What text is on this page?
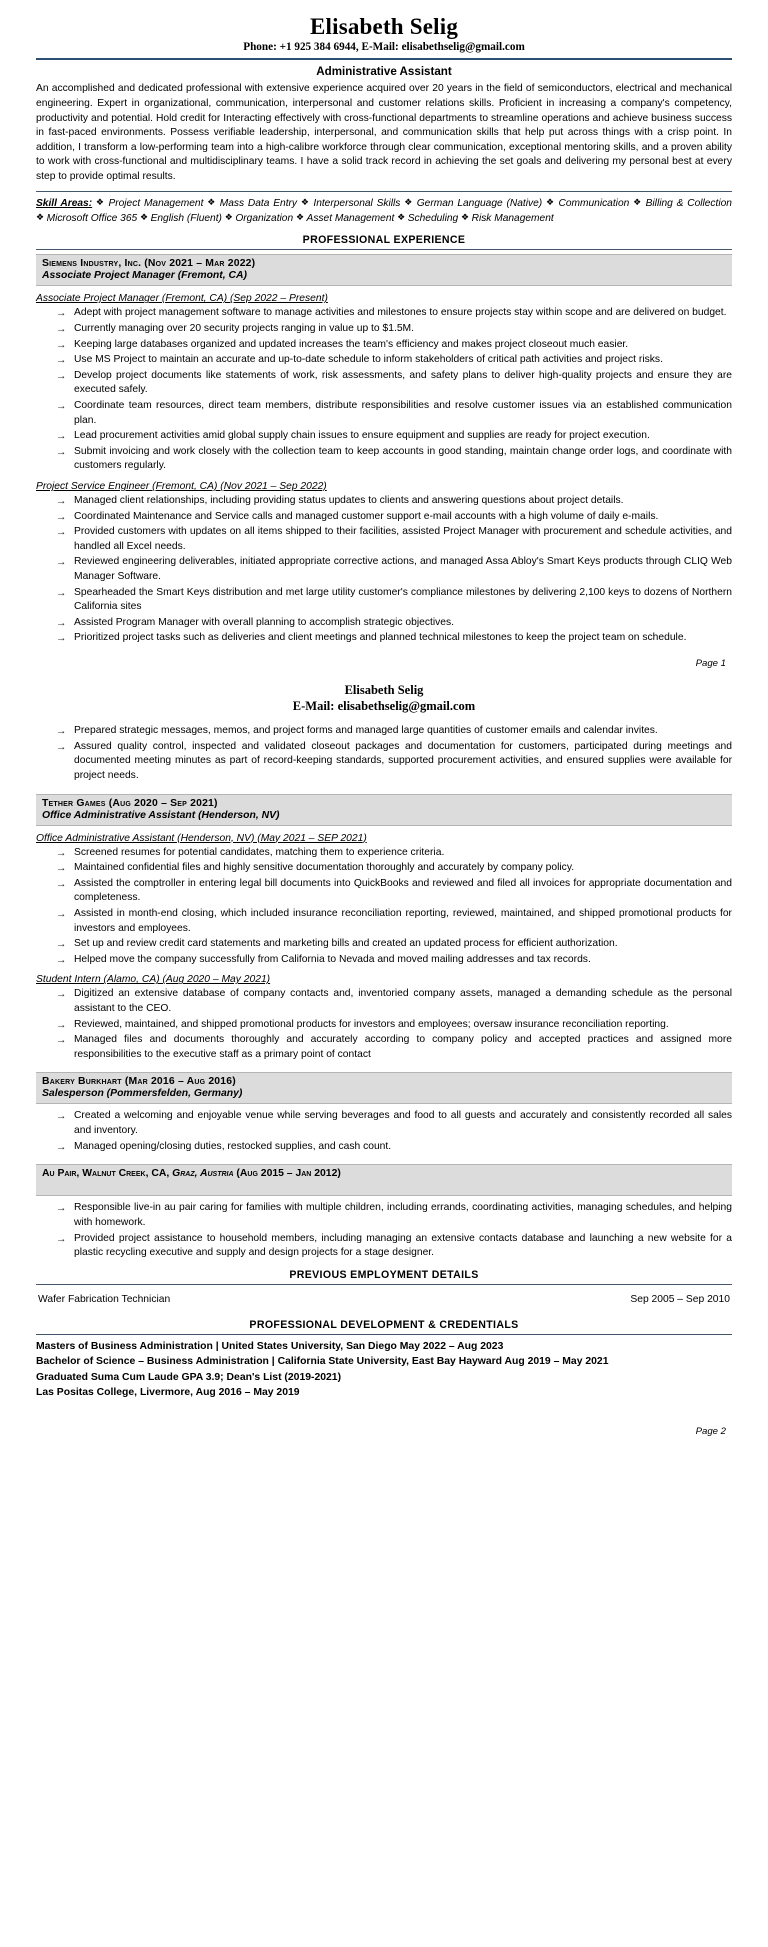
Elisabeth Selig
Phone: +1 925 384 6944, E-Mail: elisabethselig@gmail.com
Administrative Assistant

An accomplished and dedicated professional with extensive experience acquired over 20 years in the field of semiconductors, electrical and mechanical engineering. Expert in organizational, communication, interpersonal and customer relations skills. Proficient in increasing a company's competency, productivity and potential. Hold credit for Interacting effectively with cross-functional departments to streamline operations and achieve business success in fast-paced environments. Possess verifiable leadership, interpersonal, and communication skills that help put across things with a crisp point. In addition, I transform a low-performing team into a high-calibre workforce through clear communication, exceptional mentoring skills, and a proven ability to work with cross-functional and multidisciplinary teams. I have a solid track record in achieving the set goals and delivering my personal best at every step to provide optimal results.

Skill Areas: ❖ Project Management ❖ Mass Data Entry ❖ Interpersonal Skills ❖ German Language (Native) ❖ Communication ❖ Billing & Collection ❖ Microsoft Office 365 ❖ English (Fluent) ❖ Organization ❖ Asset Management ❖ Scheduling ❖ Risk Management
PROFESSIONAL EXPERIENCE
Siemens Industry, Inc. (Nov 2021 – Mar 2022)
Associate Project Manager (Fremont, CA)
Associate Project Manager (Fremont, CA) (Sep 2022 – Present)
→ Adept with project management software to manage activities and milestones to ensure projects stay within scope and are delivered on budget.
→ Currently managing over 20 security projects ranging in value up to $1.5M.
→ Keeping large databases organized and updated increases the team's efficiency and makes project closeout much easier.
→ Use MS Project to maintain an accurate and up-to-date schedule to inform stakeholders of critical path activities and project risks.
→ Develop project documents like statements of work, risk assessments, and safety plans to deliver high-quality projects and ensure they are executed safely.
→ Coordinate team resources, direct team members, distribute responsibilities and resolve customer issues via an established communication plan.
→ Lead procurement activities amid global supply chain issues to ensure equipment and supplies are ready for project execution.
→ Submit invoicing and work closely with the collection team to keep accounts in good standing, maintain change order logs, and coordinate with customers regularly.
Project Service Engineer (Fremont, CA) (Nov 2021 – Sep 2022)
→ Managed client relationships, including providing status updates to clients and answering questions about project details.
→ Coordinated Maintenance and Service calls and managed customer support e-mail accounts with a high volume of daily e-mails.
→ Provided customers with updates on all items shipped to their facilities, assisted Project Manager with procurement and schedule activities, and handled all Excel needs.
→ Reviewed engineering deliverables, initiated appropriate corrective actions, and managed Assa Abloy's Smart Keys products through CLIQ Web Manager Software.
→ Spearheaded the Smart Keys distribution and met large utility customer's compliance milestones by delivering 2,100 keys to dozens of Northern California sites
→ Assisted Program Manager with overall planning to accomplish strategic objectives.
→ Prioritized project tasks such as deliveries and client meetings and planned technical milestones to keep the project team on schedule.
Page 1
Elisabeth Selig
E-Mail: elisabethselig@gmail.com
→ Prepared strategic messages, memos, and project forms and managed large quantities of customer emails and calendar invites.
→ Assured quality control, inspected and validated closeout packages and documentation for customers, participated during meetings and documented meeting minutes as part of record-keeping standards, supported procurement activities, and ensured supplies were available for project needs.
Tether Games (Aug 2020 – Sep 2021)
Office Administrative Assistant (Henderson, NV)
Office Administrative Assistant (Henderson, NV) (May 2021 – SEP 2021)
→ Screened resumes for potential candidates, matching them to experience criteria.
→ Maintained confidential files and highly sensitive documentation thoroughly and accurately by company policy.
→ Assisted the comptroller in entering legal bill documents into QuickBooks and reviewed and filed all invoices for appropriate documentation and completeness.
→ Assisted in month-end closing, which included insurance reconciliation reporting, reviewed, maintained, and shipped promotional products for investors and employees.
→ Set up and review credit card statements and marketing bills and created an updated process for efficient authorization.
→ Helped move the company successfully from California to Nevada and moved mailing addresses and tax records.
Student Intern (Alamo, CA) (Aug 2020 – May 2021)
→ Digitized an extensive database of company contacts and, inventoried company assets, managed a demanding schedule as the personal assistant to the CEO.
→ Reviewed, maintained, and shipped promotional products for investors and employees; oversaw insurance reconciliation reporting.
→ Managed files and documents thoroughly and accurately according to company policy and accepted practices and assigned more responsibilities to the executive staff as a primary point of contact
Bakery Burkhart (Mar 2016 – Aug 2016)
Salesperson (Pommersfelden, Germany)
→ Created a welcoming and enjoyable venue while serving beverages and food to all guests and accurately and consistently recorded all sales and inventory.
→ Managed opening/closing duties, restocked supplies, and cash count.
Au Pair, Walnut Creek, CA, Graz, Austria (Aug 2015 – Jan 2012)
→ Responsible live-in au pair caring for families with multiple children, including errands, coordinating activities, managing schedules, and helping with homework.
→ Provided project assistance to household members, including managing an extensive contacts database and launching a new website for a plastic recycling executive and supply and design projects for a stage designer.
PREVIOUS EMPLOYMENT DETAILS
Wafer Fabrication Technician	Sep 2005 – Sep 2010
PROFESSIONAL DEVELOPMENT & CREDENTIALS
Masters of Business Administration | United States University, San Diego May 2022 – Aug 2023
Bachelor of Science – Business Administration | California State University, East Bay Hayward Aug 2019 – May 2021
Graduated Suma Cum Laude GPA 3.9; Dean's List (2019-2021)
Las Positas College, Livermore, Aug 2016 – May 2019
Page 2
